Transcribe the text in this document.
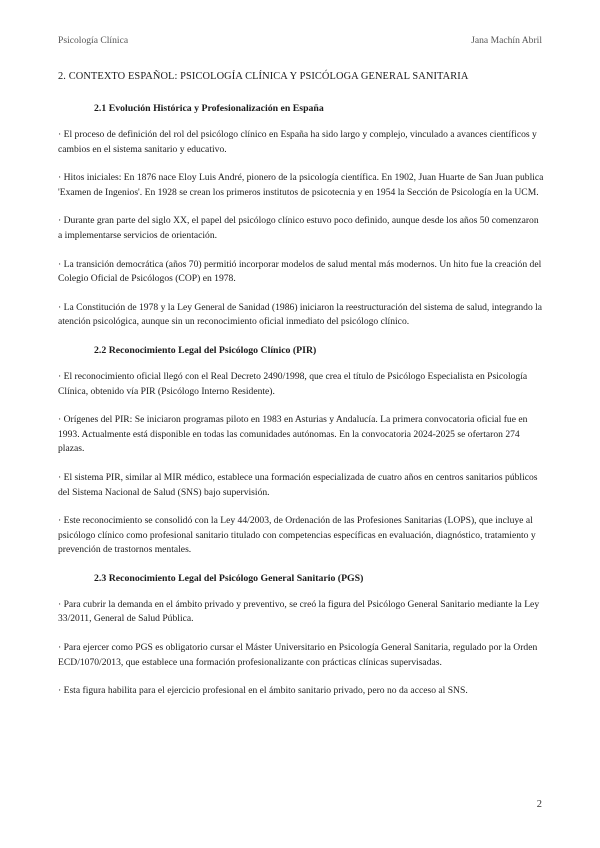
Psicología Clínica	Jana Machín Abril
2. CONTEXTO ESPAÑOL: PSICOLOGÍA CLÍNICA Y PSICÓLOGA GENERAL SANITARIA
2.1 Evolución Histórica y Profesionalización en España

· El proceso de definición del rol del psicólogo clínico en España ha sido largo y complejo, vinculado a avances científicos y cambios en el sistema sanitario y educativo.

· Hitos iniciales: En 1876 nace Eloy Luis André, pionero de la psicología científica. En 1902, Juan Huarte de San Juan publica 'Examen de Ingenios'. En 1928 se crean los primeros institutos de psicotecnia y en 1954 la Sección de Psicología en la UCM.

· Durante gran parte del siglo XX, el papel del psicólogo clínico estuvo poco definido, aunque desde los años 50 comenzaron a implementarse servicios de orientación.

· La transición democrática (años 70) permitió incorporar modelos de salud mental más modernos. Un hito fue la creación del Colegio Oficial de Psicólogos (COP) en 1978.

· La Constitución de 1978 y la Ley General de Sanidad (1986) iniciaron la reestructuración del sistema de salud, integrando la atención psicológica, aunque sin un reconocimiento oficial inmediato del psicólogo clínico.

2.2 Reconocimiento Legal del Psicólogo Clínico (PIR)

· El reconocimiento oficial llegó con el Real Decreto 2490/1998, que crea el título de Psicólogo Especialista en Psicología Clínica, obtenido vía PIR (Psicólogo Interno Residente).

· Orígenes del PIR: Se iniciaron programas piloto en 1983 en Asturias y Andalucía. La primera convocatoria oficial fue en 1993. Actualmente está disponible en todas las comunidades autónomas. En la convocatoria 2024-2025 se ofertaron 274 plazas.

· El sistema PIR, similar al MIR médico, establece una formación especializada de cuatro años en centros sanitarios públicos del Sistema Nacional de Salud (SNS) bajo supervisión.

· Este reconocimiento se consolidó con la Ley 44/2003, de Ordenación de las Profesiones Sanitarias (LOPS), que incluye al psicólogo clínico como profesional sanitario titulado con competencias específicas en evaluación, diagnóstico, tratamiento y prevención de trastornos mentales.

2.3 Reconocimiento Legal del Psicólogo General Sanitario (PGS)

· Para cubrir la demanda en el ámbito privado y preventivo, se creó la figura del Psicólogo General Sanitario mediante la Ley 33/2011, General de Salud Pública.

· Para ejercer como PGS es obligatorio cursar el Máster Universitario en Psicología General Sanitaria, regulado por la Orden ECD/1070/2013, que establece una formación profesionalizante con prácticas clínicas supervisadas.

· Esta figura habilita para el ejercicio profesional en el ámbito sanitario privado, pero no da acceso al SNS.

2
